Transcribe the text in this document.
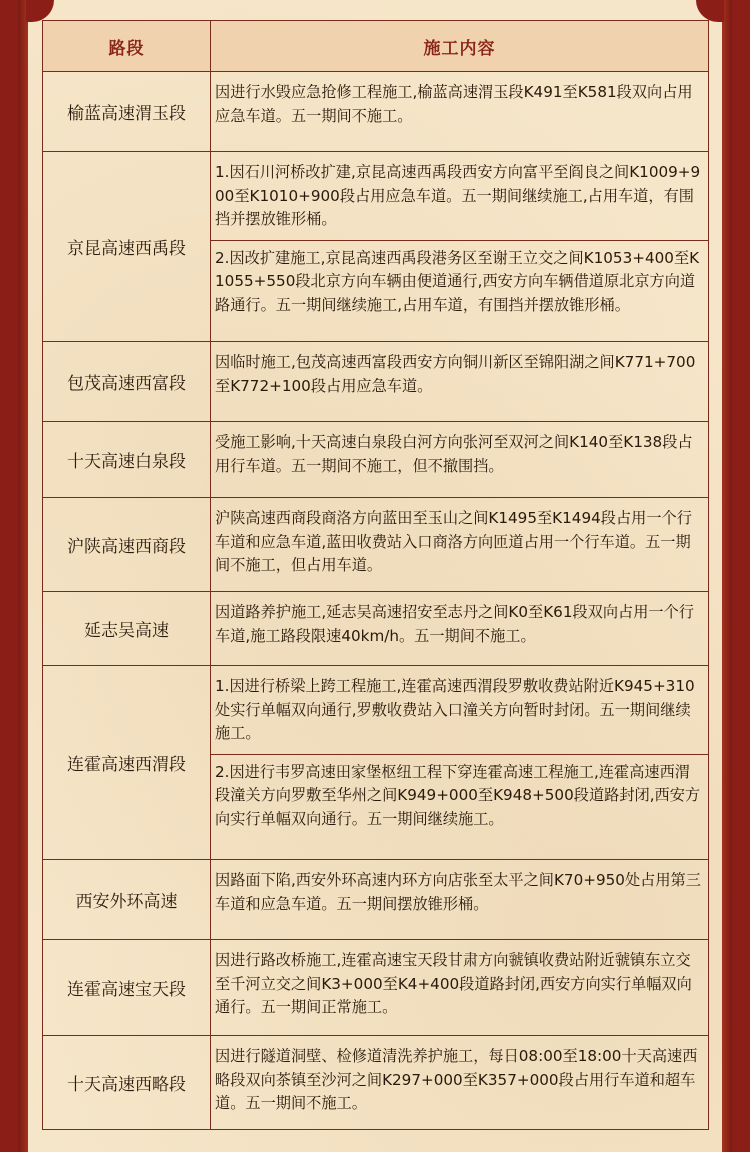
路段	施工内容
榆蓝高速渭玉段	因进行水毁应急抢修工程施工,榆蓝高速渭玉段K491至K581段双向占用应急车道。五一期间不施工。

京昆高速西禹段	1.因石川河桥改扩建,京昆高速西禹段西安方向富平至阎良之间K1009+900至K1010+900段占用应急车道。五一期间继续施工,占用车道，有围挡并摆放锥形桶。
2.因改扩建施工,京昆高速西禹段港务区至谢王立交之间K1053+400至K1055+550段北京方向车辆由便道通行,西安方向车辆借道原北京方向道路通行。五一期间继续施工,占用车道，有围挡并摆放锥形桶。

包茂高速西富段	因临时施工,包茂高速西富段西安方向铜川新区至锦阳湖之间K771+700至K772+100段占用应急车道。

十天高速白泉段	受施工影响,十天高速白泉段白河方向张河至双河之间K140至K138段占用行车道。五一期间不施工，但不撤围挡。

沪陕高速西商段	沪陕高速西商段商洛方向蓝田至玉山之间K1495至K1494段占用一个行车道和应急车道,蓝田收费站入口商洛方向匝道占用一个行车道。五一期间不施工，但占用车道。

延志吴高速	因道路养护施工,延志吴高速招安至志丹之间K0至K61段双向占用一个行车道,施工路段限速40km/h。五一期间不施工。

连霍高速西渭段	1.因进行桥梁上跨工程施工,连霍高速西渭段罗敷收费站附近K945+310处实行单幅双向通行,罗敷收费站入口潼关方向暂时封闭。五一期间继续施工。
2.因进行韦罗高速田家堡枢纽工程下穿连霍高速工程施工,连霍高速西渭段潼关方向罗敷至华州之间K949+000至K948+500段道路封闭,西安方向实行单幅双向通行。五一期间继续施工。

西安外环高速	因路面下陷,西安外环高速内环方向店张至太平之间K70+950处占用第三车道和应急车道。五一期间摆放锥形桶。

连霍高速宝天段	因进行路改桥施工,连霍高速宝天段甘肃方向虢镇收费站附近虢镇东立交至千河立交之间K3+000至K4+400段道路封闭,西安方向实行单幅双向通行。五一期间正常施工。

十天高速西略段	因进行隧道洞壁、检修道清洗养护施工，每日08:00至18:00十天高速西略段双向茶镇至沙河之间K297+000至K357+000段占用行车道和超车道。五一期间不施工。
